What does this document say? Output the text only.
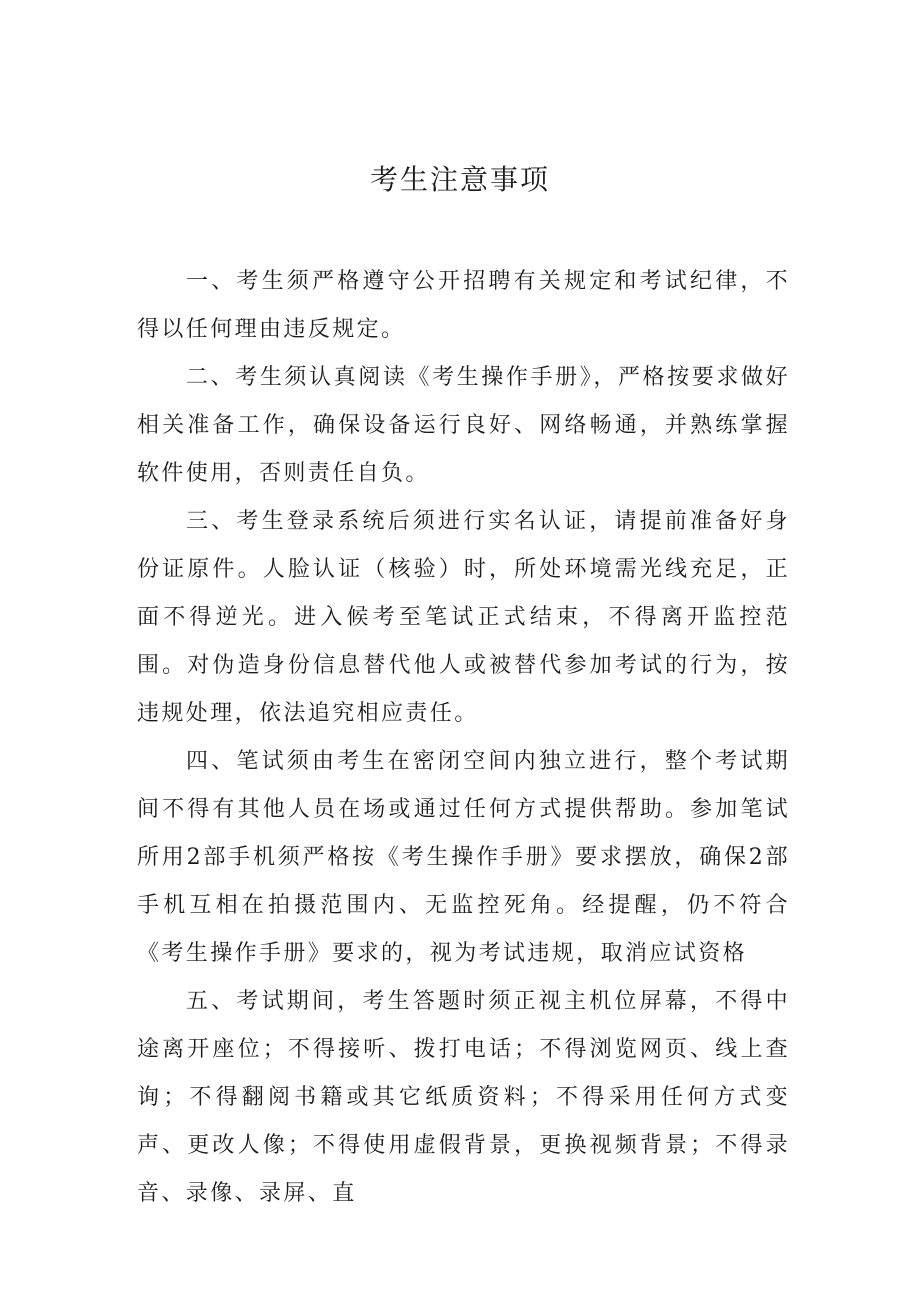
考生注意事项

一、考生须严格遵守公开招聘有关规定和考试纪律，不得以任何理由违反规定。

二、考生须认真阅读《考生操作手册》，严格按要求做好相关准备工作，确保设备运行良好、网络畅通，并熟练掌握软件使用，否则责任自负。

三、考生登录系统后须进行实名认证，请提前准备好身份证原件。人脸认证（核验）时，所处环境需光线充足，正面不得逆光。进入候考至笔试正式结束，不得离开监控范围。对伪造身份信息替代他人或被替代参加考试的行为，按违规处理，依法追究相应责任。

四、笔试须由考生在密闭空间内独立进行，整个考试期间不得有其他人员在场或通过任何方式提供帮助。参加笔试所用2部手机须严格按《考生操作手册》要求摆放，确保2部手机互相在拍摄范围内、无监控死角。经提醒，仍不符合《考生操作手册》要求的，视为考试违规，取消应试资格

五、考试期间，考生答题时须正视主机位屏幕，不得中途离开座位；不得接听、拨打电话；不得浏览网页、线上查询；不得翻阅书籍或其它纸质资料；不得采用任何方式变声、更改人像；不得使用虚假背景，更换视频背景；不得录音、录像、录屏、直
